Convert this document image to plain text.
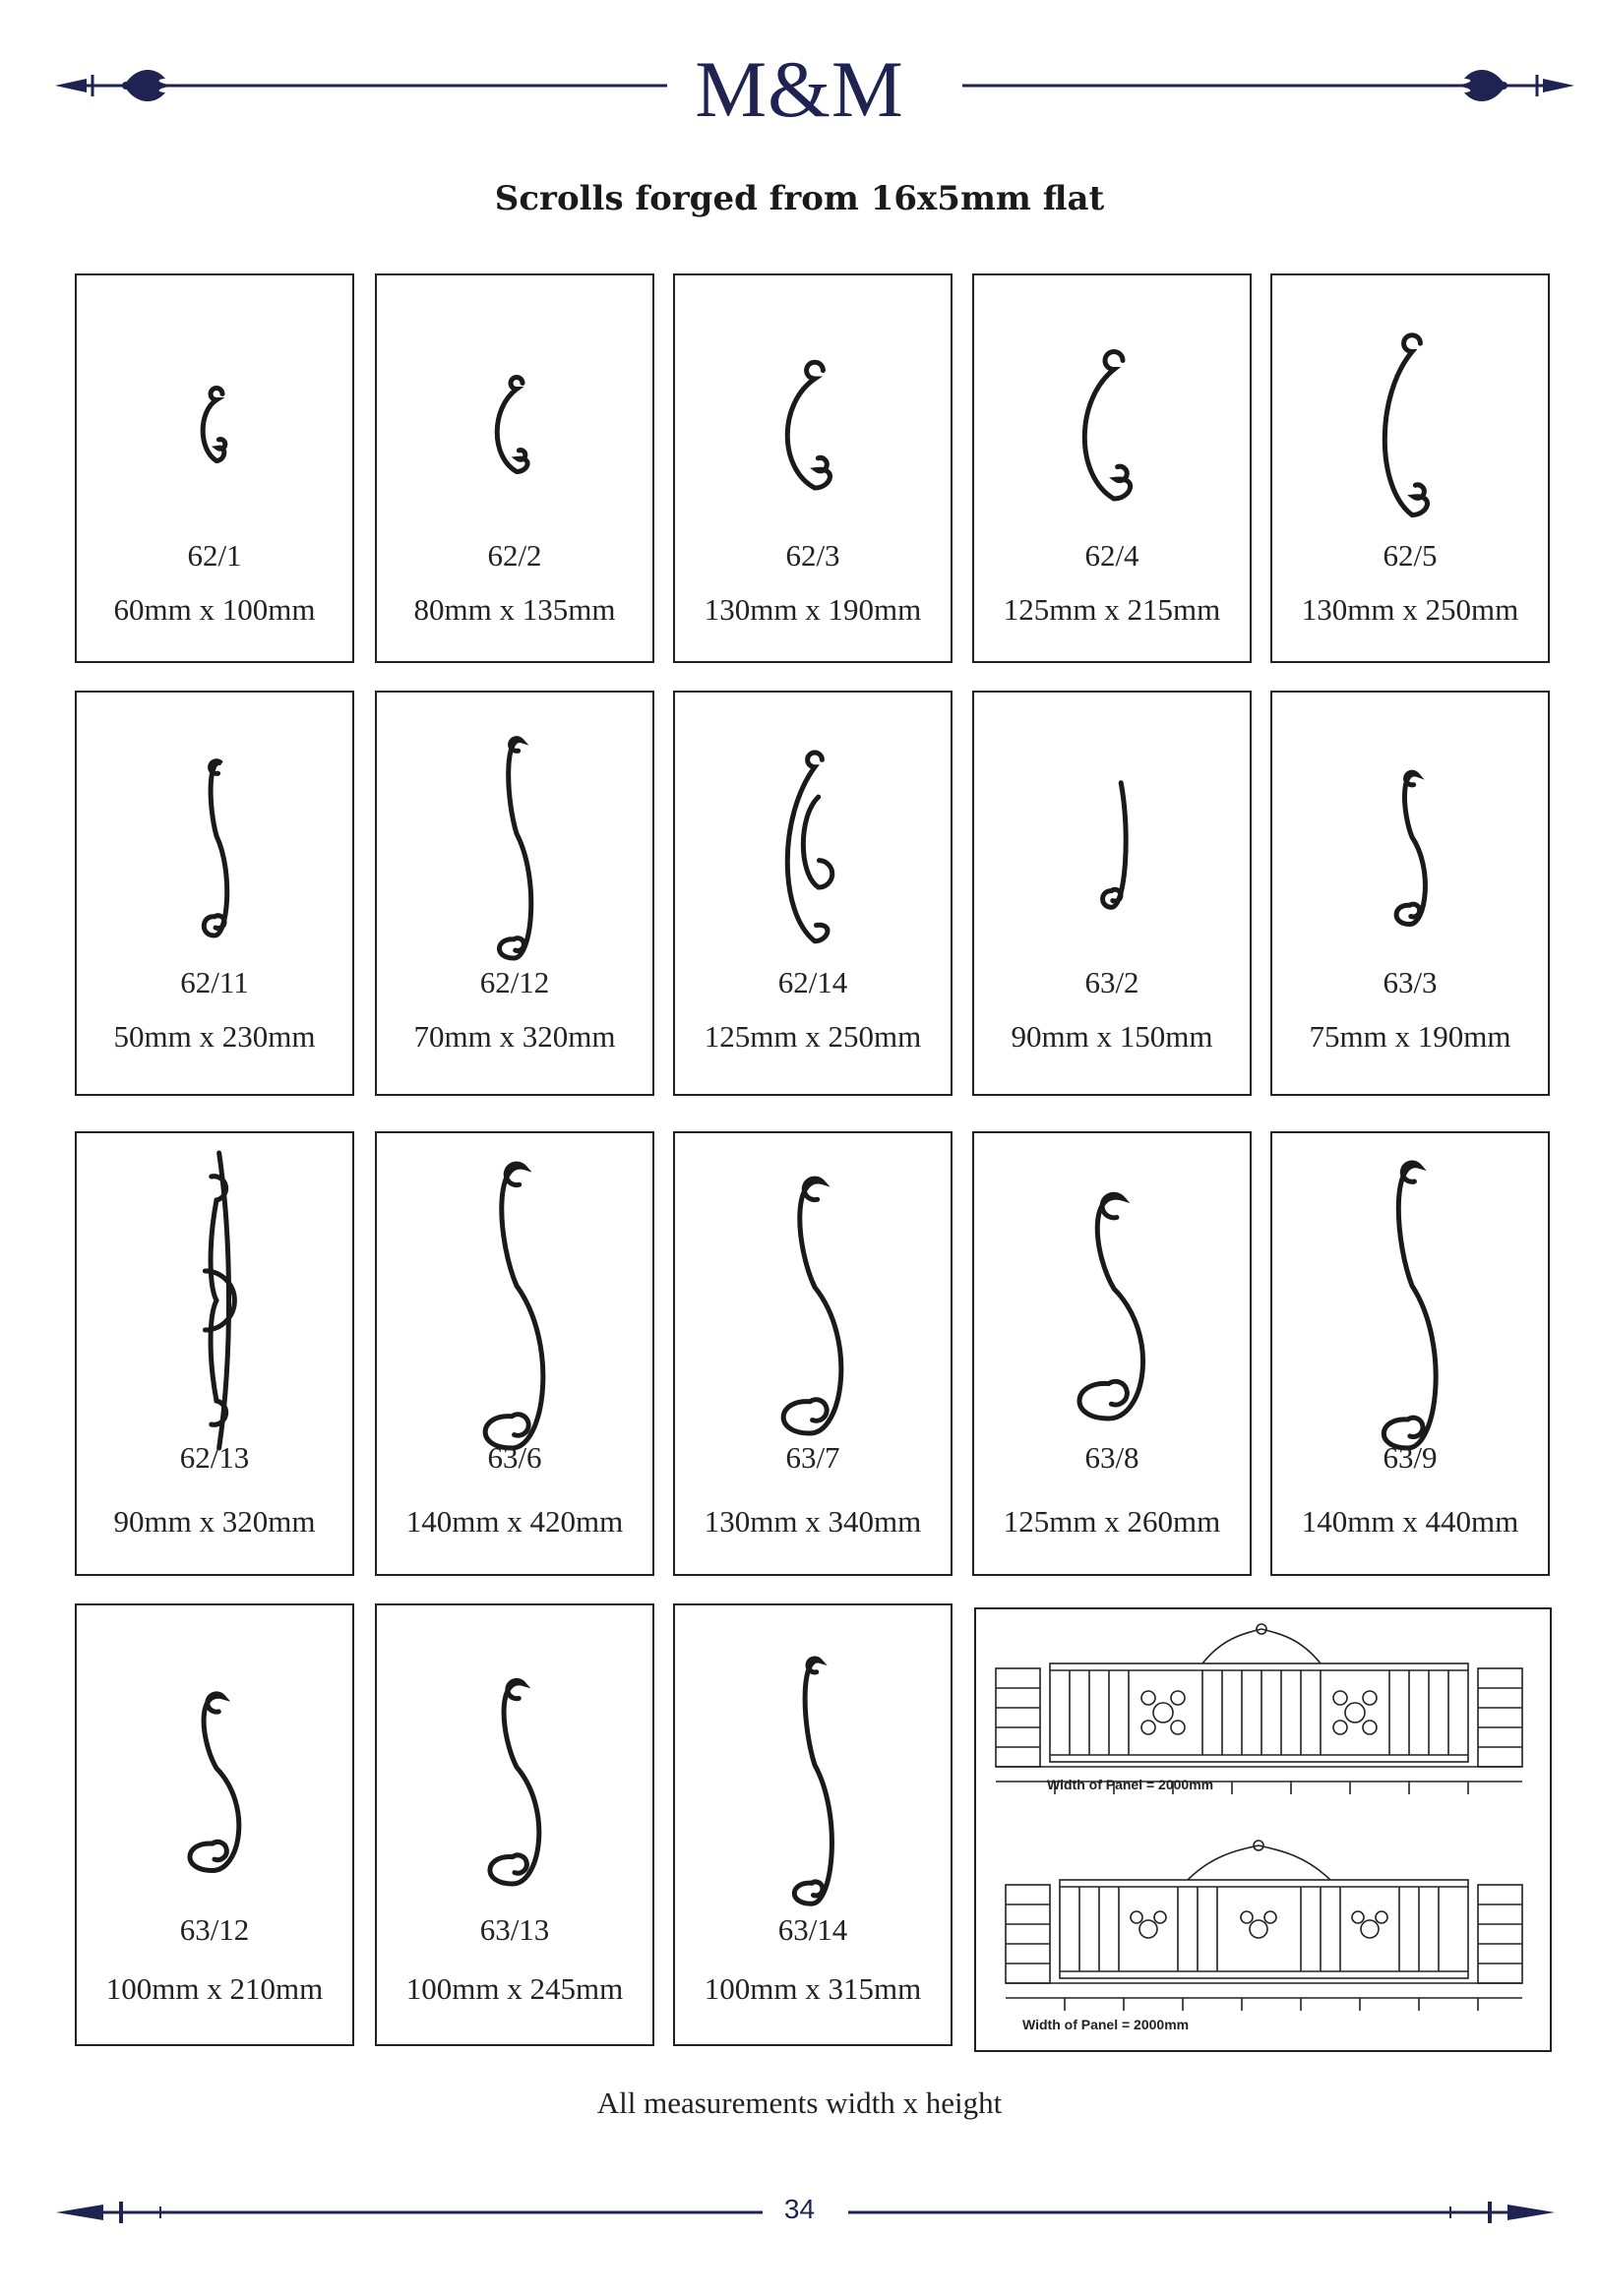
M&M
Scrolls forged from 16x5mm flat
62/1
60mm x 100mm
62/2
80mm x 135mm
62/3
130mm x 190mm
62/4
125mm x 215mm
62/5
130mm x 250mm
62/11
50mm x 230mm
62/12
70mm x 320mm
62/14
125mm x 250mm
63/2
90mm x 150mm
63/3
75mm x 190mm
62/13
90mm x 320mm
63/6
140mm x 420mm
63/7
130mm x 340mm
63/8
125mm x 260mm
63/9
140mm x 440mm
63/12
100mm x 210mm
63/13
100mm x 245mm
63/14
100mm x 315mm
Width of Panel = 2000mm
Width of Panel = 2000mm
All measurements width x height
34
